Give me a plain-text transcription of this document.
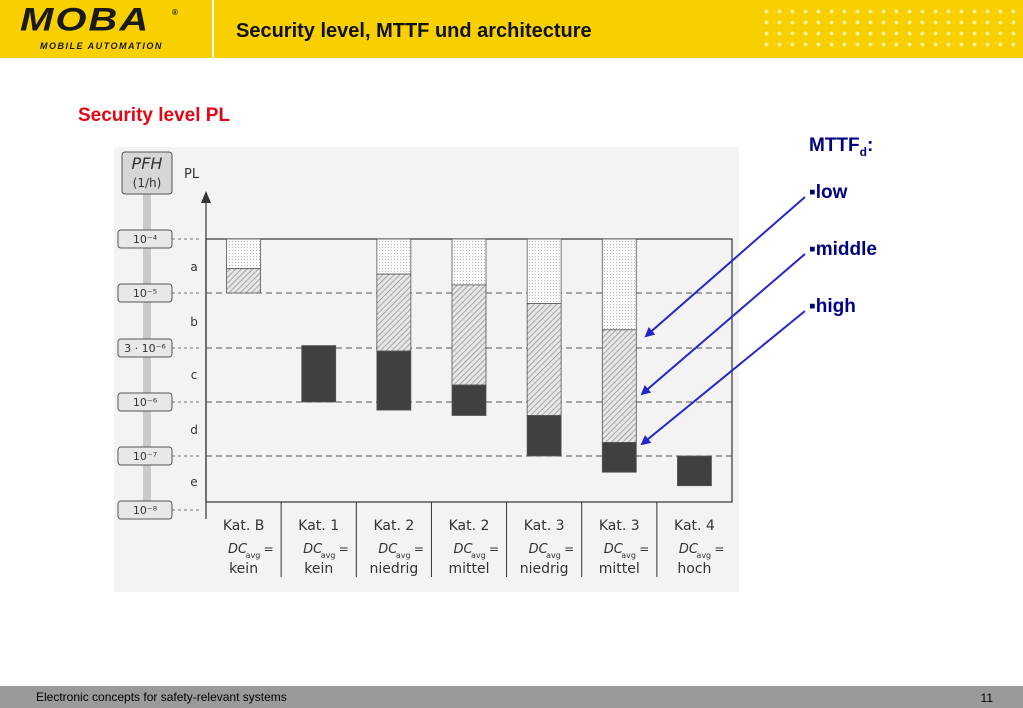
MOBA	®
MOBILE AUTOMATION
Security level, MTTF und architecture
Security level PL
$MTTF_d$:
▪low
▪middle
▪high
PFH
(1/h)
PL
10⁻⁴
10⁻⁵
3 · 10⁻⁶
10⁻⁶
10⁻⁷
10⁻⁸
a
b
c
d
e
Kat. B
DC
avg =
kein
Kat. 1
DC
avg =
kein
Kat. 2
DC
avg =
niedrig
Kat. 2
DC
avg =
mittel
Kat. 3
DC
avg =
niedrig
Kat. 3
DC
avg =
mittel
Kat. 4
DC
avg =
hoch
Electronic concepts for safety-relevant systems	11
